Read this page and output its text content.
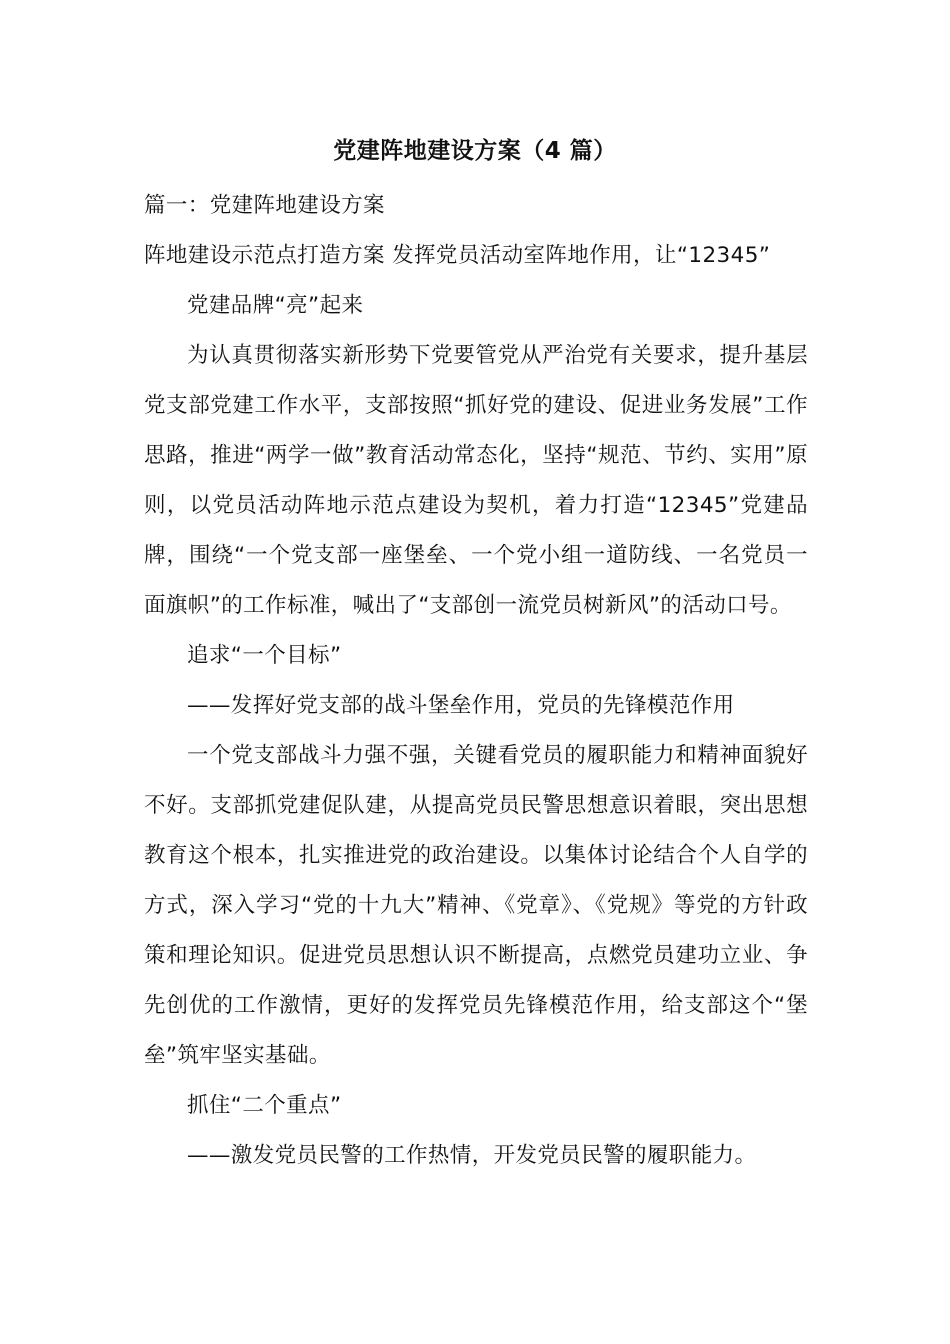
党建阵地建设方案（4 篇）
篇一：党建阵地建设方案
阵地建设示范点打造方案 发挥党员活动室阵地作用，让“12345”
党建品牌“亮”起来

为认真贯彻落实新形势下党要管党从严治党有关要求，提升基层党支部党建工作水平，支部按照“抓好党的建设、促进业务发展”工作思路，推进“两学一做”教育活动常态化，坚持“规范、节约、实用”原则，以党员活动阵地示范点建设为契机，着力打造“12345”党建品牌，围绕“一个党支部一座堡垒、一个党小组一道防线、一名党员一面旗帜”的工作标准，喊出了“支部创一流党员树新风”的活动口号。

追求“一个目标”
——发挥好党支部的战斗堡垒作用，党员的先锋模范作用

一个党支部战斗力强不强，关键看党员的履职能力和精神面貌好不好。支部抓党建促队建，从提高党员民警思想意识着眼，突出思想教育这个根本，扎实推进党的政治建设。以集体讨论结合个人自学的方式，深入学习“党的十九大”精神、《党章》、《党规》等党的方针政策和理论知识。促进党员思想认识不断提高，点燃党员建功立业、争先创优的工作激情，更好的发挥党员先锋模范作用，给支部这个“堡垒”筑牢坚实基础。

抓住“二个重点”
——激发党员民警的工作热情，开发党员民警的履职能力。
